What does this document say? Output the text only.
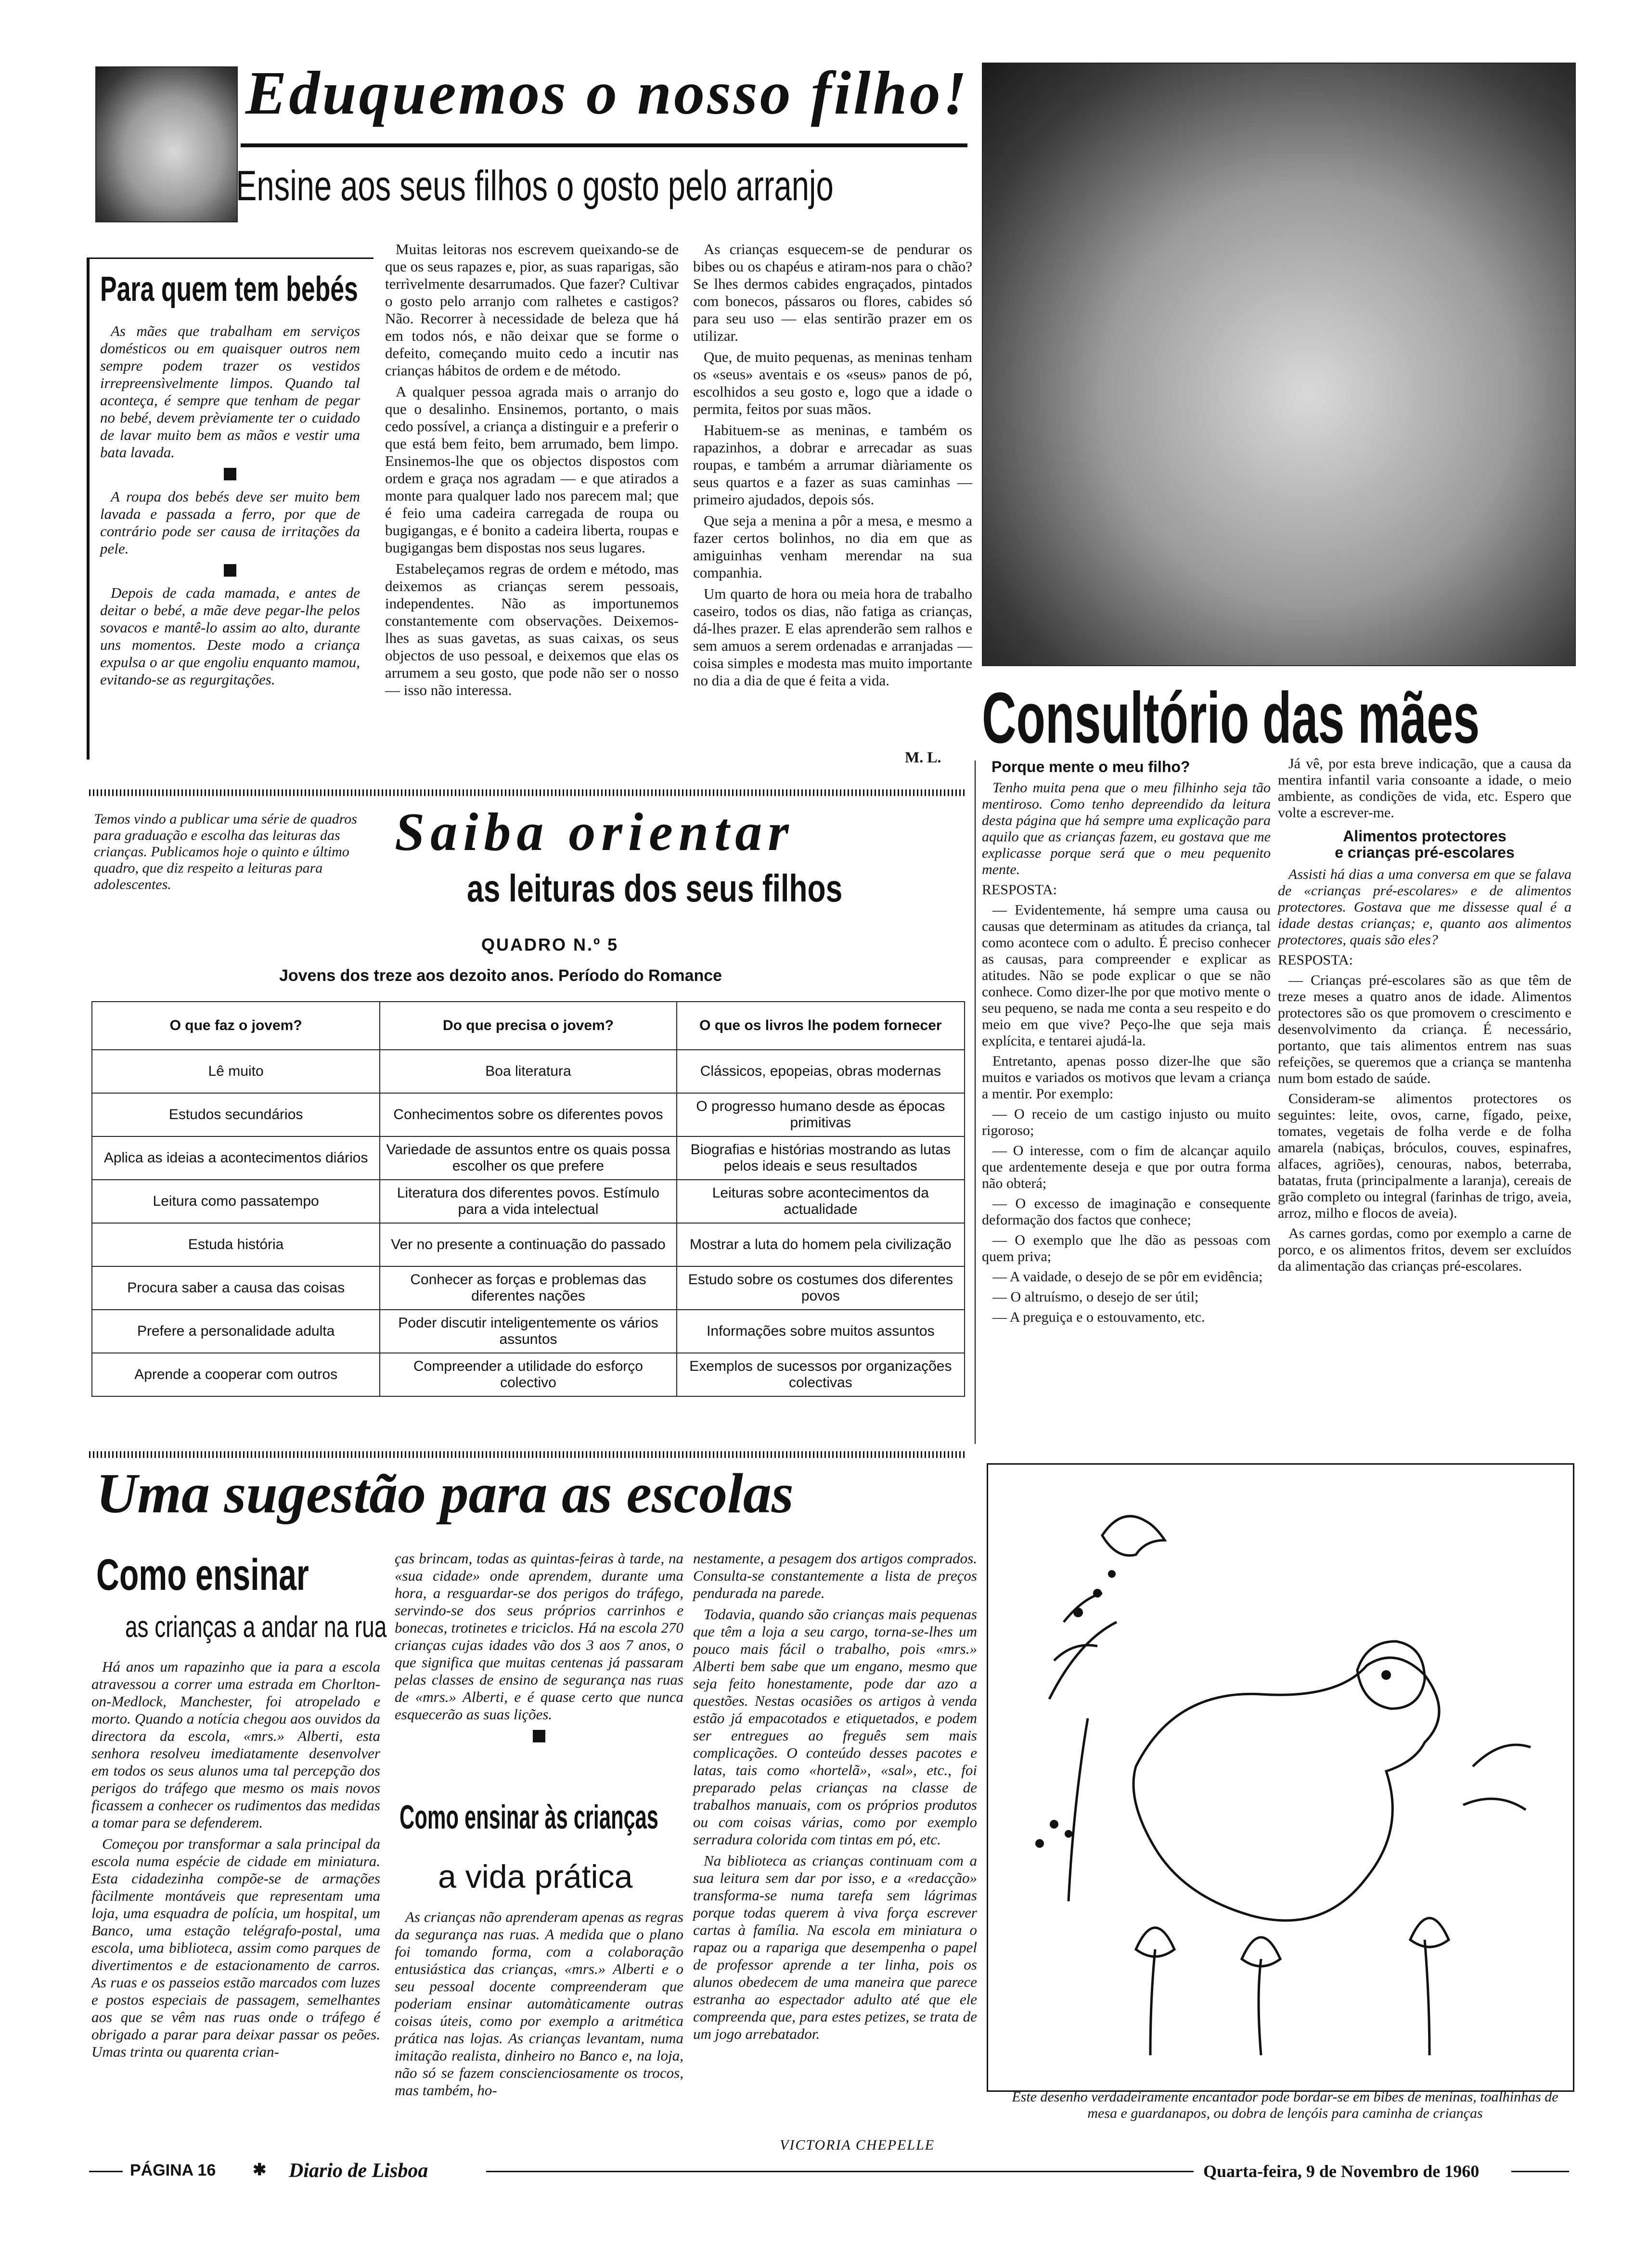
Eduquemos o nosso filho!
Ensine aos seus filhos o gosto pelo arranjo
Para quem tem bebés

As mães que trabalham em serviços domésticos ou em quaisquer outros nem sempre podem trazer os vestidos irrepreensìvelmente limpos. Quando tal aconteça, é sempre que tenham de pegar no bebé, devem prèviamente ter o cuidado de lavar muito bem as mãos e vestir uma bata lavada.

A roupa dos bebés deve ser muito bem lavada e passada a ferro, por que de contrário pode ser causa de irritações da pele.

Depois de cada mamada, e antes de deitar o bebé, a mãe deve pegar-lhe pelos sovacos e mantê-lo assim ao alto, durante uns momentos. Deste modo a criança expulsa o ar que engoliu enquanto mamou, evitando-se as regurgitações.

Muitas leitoras nos escrevem queixando-se de que os seus rapazes e, pior, as suas raparigas, são terrìvelmente desarrumados. Que fazer? Cultivar o gosto pelo arranjo com ralhetes e castigos? Não. Recorrer à necessidade de beleza que há em todos nós, e não deixar que se forme o defeito, começando muito cedo a incutir nas crianças hábitos de ordem e de método.

A qualquer pessoa agrada mais o arranjo do que o desalinho. Ensinemos, portanto, o mais cedo possível, a criança a distinguir e a preferir o que está bem feito, bem arrumado, bem limpo. Ensinemos-lhe que os objectos dispostos com ordem e graça nos agradam — e que atirados a monte para qualquer lado nos parecem mal; que é feio uma cadeira carregada de roupa ou bugigangas, e é bonito a cadeira liberta, roupas e bugigangas bem dispostas nos seus lugares.

Estabeleçamos regras de ordem e método, mas deixemos as crianças serem pessoais, independentes. Não as importunemos constantemente com observações. Deixemos-lhes as suas gavetas, as suas caixas, os seus objectos de uso pessoal, e deixemos que elas os arrumem a seu gosto, que pode não ser o nosso — isso não interessa.

As crianças esquecem-se de pendurar os bibes ou os chapéus e atiram-nos para o chão? Se lhes dermos cabides engraçados, pintados com bonecos, pássaros ou flores, cabides só para seu uso — elas sentirão prazer em os utilizar.

Que, de muito pequenas, as meninas tenham os «seus» aventais e os «seus» panos de pó, escolhidos a seu gosto e, logo que a idade o permita, feitos por suas mãos.

Habituem-se as meninas, e também os rapazinhos, a dobrar e arrecadar as suas roupas, e também a arrumar diàriamente os seus quartos e a fazer as suas caminhas — primeiro ajudados, depois sós.

Que seja a menina a pôr a mesa, e mesmo a fazer certos bolinhos, no dia em que as amiguinhas venham merendar na sua companhia.

Um quarto de hora ou meia hora de trabalho caseiro, todos os dias, não fatiga as crianças, dá-lhes prazer. E elas aprenderão sem ralhos e sem amuos a serem ordenadas e arranjadas — coisa simples e modesta mas muito importante no dia a dia de que é feita a vida.

M. L. Consultório das mães
Porque mente o meu filho?

Tenho muita pena que o meu filhinho seja tão mentiroso. Como tenho depreendido da leitura desta página que há sempre uma explicação para aquilo que as crianças fazem, eu gostava que me explicasse porque será que o meu pequenito mente.

RESPOSTA:

— Evidentemente, há sempre uma causa ou causas que determinam as atitudes da criança, tal como acontece com o adulto. É preciso conhecer as causas, para compreender e explicar as atitudes. Não se pode explicar o que se não conhece. Como dizer-lhe por que motivo mente o seu pequeno, se nada me conta a seu respeito e do meio em que vive? Peço-lhe que seja mais explícita, e tentarei ajudá-la.

Entretanto, apenas posso dizer-lhe que são muitos e variados os motivos que levam a criança a mentir. Por exemplo:

— O receio de um castigo injusto ou muito rigoroso;

— O interesse, com o fim de alcançar aquilo que ardentemente deseja e que por outra forma não obterá;

— O excesso de imaginação e consequente deformação dos factos que conhece;

— O exemplo que lhe dão as pessoas com quem priva;

— A vaidade, o desejo de se pôr em evidência;

— O altruísmo, o desejo de ser útil;

— A preguiça e o estouvamento, etc.

Já vê, por esta breve indicação, que a causa da mentira infantil varia consoante a idade, o meio ambiente, as condições de vida, etc. Espero que volte a escrever-me.

Alimentos protectores
e crianças pré-escolares

Assisti há dias a uma conversa em que se falava de «crianças pré-escolares» e de alimentos protectores. Gostava que me dissesse qual é a idade destas crianças; e, quanto aos alimentos protectores, quais são eles?

RESPOSTA:

— Crianças pré-escolares são as que têm de treze meses a quatro anos de idade. Alimentos protectores são os que promovem o crescimento e desenvolvimento da criança. É necessário, portanto, que tais alimentos entrem nas suas refeições, se queremos que a criança se mantenha num bom estado de saúde.

Consideram-se alimentos protectores os seguintes: leite, ovos, carne, fígado, peixe, tomates, vegetais de folha verde e de folha amarela (nabiças, bróculos, couves, espinafres, alfaces, agriões), cenouras, nabos, beterraba, batatas, fruta (principalmente a laranja), cereais de grão completo ou integral (farinhas de trigo, aveia, arroz, milho e flocos de aveia).

As carnes gordas, como por exemplo a carne de porco, e os alimentos fritos, devem ser excluídos da alimentação das crianças pré-escolares.

Temos vindo a publicar uma série de quadros para graduação e escolha das leituras das crianças. Publicamos hoje o quinto e último quadro, que diz respeito a leituras para adolescentes.
Saiba orientar
as leituras dos seus filhos
QUADRO N.º 5
Jovens dos treze aos dezoito anos. Período do Romance
O que faz o jovem?	Do que precisa o jovem?	O que os livros lhe podem fornecer
Lê muito	Boa literatura	Clássicos, epopeias, obras modernas
Estudos secundários	Conhecimentos sobre os diferentes povos	O progresso humano desde as épocas primitivas
Aplica as ideias a acontecimentos diários	Variedade de assuntos entre os quais possa escolher os que prefere	Biografias e histórias mostrando as lutas pelos ideais e seus resultados
Leitura como passatempo	Literatura dos diferentes povos. Estímulo para a vida intelectual	Leituras sobre acontecimentos da actualidade
Estuda história	Ver no presente a continuação do passado	Mostrar a luta do homem pela civilização
Procura saber a causa das coisas	Conhecer as forças e problemas das diferentes nações	Estudo sobre os costumes dos diferentes povos
Prefere a personalidade adulta	Poder discutir inteligentemente os vários assuntos	Informações sobre muitos assuntos
Aprende a cooperar com outros	Compreender a utilidade do esforço colectivo	Exemplos de sucessos por organizações colectivas
Uma sugestão para as escolas
Como ensinar
as crianças a andar na rua

Há anos um rapazinho que ia para a escola atravessou a correr uma estrada em Chorlton-on-Medlock, Manchester, foi atropelado e morto. Quando a notícia chegou aos ouvidos da directora da escola, «mrs.» Alberti, esta senhora resolveu imediatamente desenvolver em todos os seus alunos uma tal percepção dos perigos do tráfego que mesmo os mais novos ficassem a conhecer os rudimentos das medidas a tomar para se defenderem.

Começou por transformar a sala principal da escola numa espécie de cidade em miniatura. Esta cidadezinha compõe-se de armações fàcilmente montáveis que representam uma loja, uma esquadra de polícia, um hospital, um Banco, uma estação telégrafo-postal, uma escola, uma biblioteca, assim como parques de divertimentos e de estacionamento de carros. As ruas e os passeios estão marcados com luzes e postos especiais de passagem, semelhantes aos que se vêm nas ruas onde o tráfego é obrigado a parar para deixar passar os peões. Umas trinta ou quarenta crian-

ças brincam, todas as quintas-feiras à tarde, na «sua cidade» onde aprendem, durante uma hora, a resguardar-se dos perigos do tráfego, servindo-se dos seus próprios carrinhos e bonecas, trotinetes e triciclos. Há na escola 270 crianças cujas idades vão dos 3 aos 7 anos, o que significa que muitas centenas já passaram pelas classes de ensino de segurança nas ruas de «mrs.» Alberti, e é quase certo que nunca esquecerão as suas lições.

Como ensinar às crianças
a vida prática

As crianças não aprenderam apenas as regras da segurança nas ruas. A medida que o plano foi tomando forma, com a colaboração entusiástica das crianças, «mrs.» Alberti e o seu pessoal docente compreenderam que poderiam ensinar automàticamente outras coisas úteis, como por exemplo a aritmética prática nas lojas. As crianças levantam, numa imitação realista, dinheiro no Banco e, na loja, não só se fazem conscienciosamente os trocos, mas também, ho-

nestamente, a pesagem dos artigos comprados. Consulta-se constantemente a lista de preços pendurada na parede.

Todavia, quando são crianças mais pequenas que têm a loja a seu cargo, torna-se-lhes um pouco mais fácil o trabalho, pois «mrs.» Alberti bem sabe que um engano, mesmo que seja feito honestamente, pode dar azo a questões. Nestas ocasiões os artigos à venda estão já empacotados e etiquetados, e podem ser entregues ao freguês sem mais complicações. O conteúdo desses pacotes e latas, tais como «hortelã», «sal», etc., foi preparado pelas crianças na classe de trabalhos manuais, com os próprios produtos ou com coisas várias, como por exemplo serradura colorida com tintas em pó, etc.

Na biblioteca as crianças continuam com a sua leitura sem dar por isso, e a «redacção» transforma-se numa tarefa sem lágrimas porque todas querem à viva força escrever cartas à família. Na escola em miniatura o rapaz ou a rapariga que desempenha o papel de professor aprende a ter linha, pois os alunos obedecem de uma maneira que parece estranha ao espectador adulto até que ele compreenda que, para estes petizes, se trata de um jogo arrebatador.

VICTORIA CHEPELLE
Este desenho verdadeiramente encantador pode bordar-se em bibes de meninas, toalhinhas de mesa e guardanapos, ou dobra de lençóis para caminha de crianças
PÁGINA 16 ✱ Diario de Lisboa	Quarta-feira, 9 de Novembro de 1960
